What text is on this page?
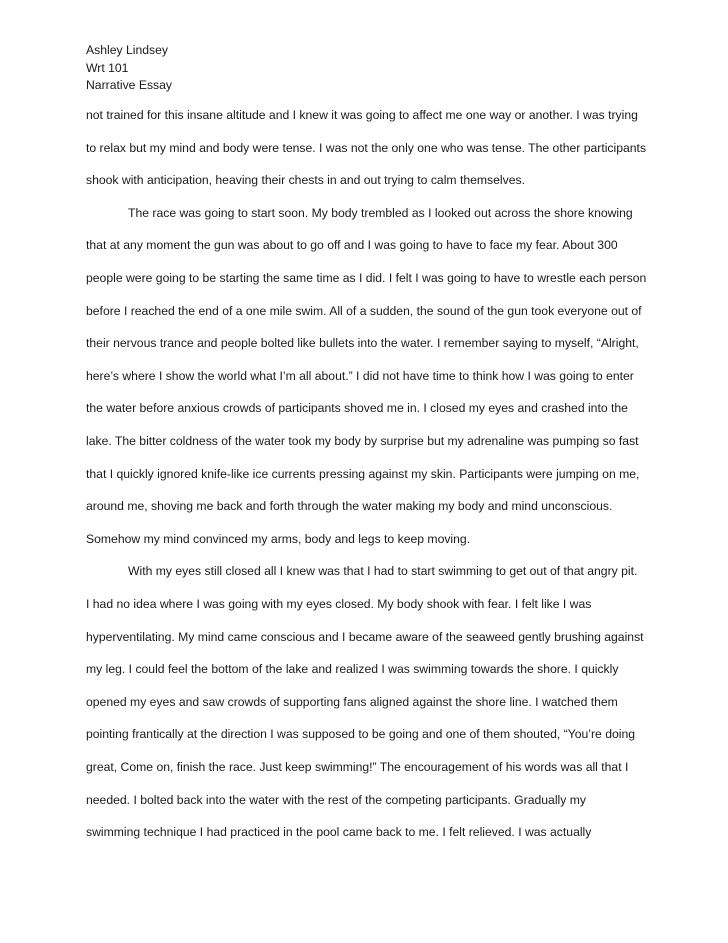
Ashley Lindsey
Wrt 101
Narrative Essay
not trained for this insane altitude and I knew it was going to affect me one way or another. I was trying
to relax but my mind and body were tense. I was not the only one who was tense. The other participants
shook with anticipation, heaving their chests in and out trying to calm themselves.
The race was going to start soon. My body trembled as I looked out across the shore knowing
that at any moment the gun was about to go off and I was going to have to face my fear. About 300
people were going to be starting the same time as I did. I felt I was going to have to wrestle each person
before I reached the end of a one mile swim. All of a sudden, the sound of the gun took everyone out of
their nervous trance and people bolted like bullets into the water. I remember saying to myself, “Alright,
here’s where I show the world what I’m all about.” I did not have time to think how I was going to enter
the water before anxious crowds of participants shoved me in. I closed my eyes and crashed into the
lake. The bitter coldness of the water took my body by surprise but my adrenaline was pumping so fast
that I quickly ignored knife-like ice currents pressing against my skin. Participants were jumping on me,
around me, shoving me back and forth through the water making my body and mind unconscious.
Somehow my mind convinced my arms, body and legs to keep moving.
With my eyes still closed all I knew was that I had to start swimming to get out of that angry pit.
I had no idea where I was going with my eyes closed. My body shook with fear. I felt like I was
hyperventilating. My mind came conscious and I became aware of the seaweed gently brushing against
my leg. I could feel the bottom of the lake and realized I was swimming towards the shore. I quickly
opened my eyes and saw crowds of supporting fans aligned against the shore line. I watched them
pointing frantically at the direction I was supposed to be going and one of them shouted, “You’re doing
great, Come on, finish the race. Just keep swimming!” The encouragement of his words was all that I
needed. I bolted back into the water with the rest of the competing participants. Gradually my
swimming technique I had practiced in the pool came back to me. I felt relieved. I was actually
